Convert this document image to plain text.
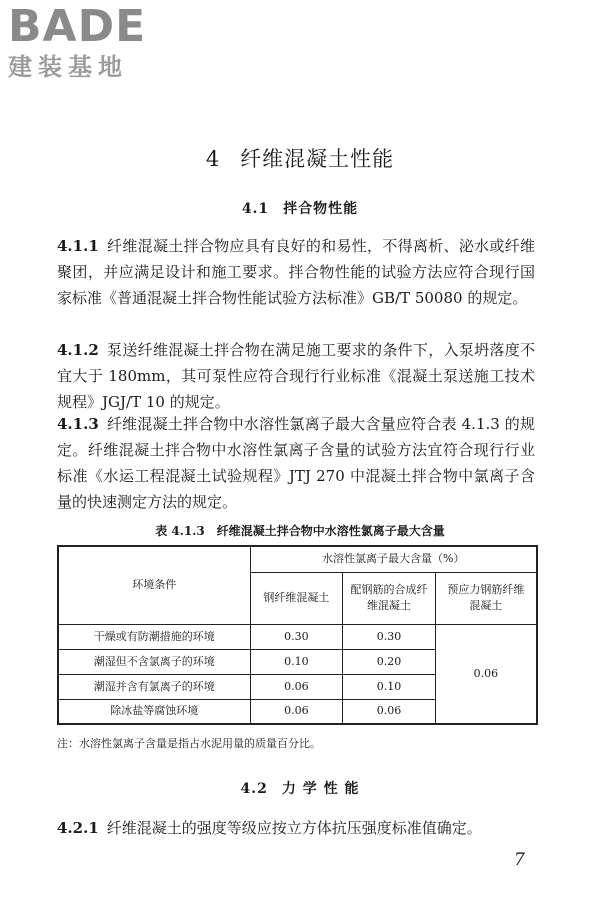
BADE
建装基地
4 纤维混凝土性能
4.1 拌合物性能

4.1.1 纤维混凝土拌合物应具有良好的和易性，不得离析、泌水或纤维聚团，并应满足设计和施工要求。拌合物性能的试验方法应符合现行国家标准《普通混凝土拌合物性能试验方法标准》GB/T 50080 的规定。

4.1.2 泵送纤维混凝土拌合物在满足施工要求的条件下，入泵坍落度不宜大于 180mm，其可泵性应符合现行行业标准《混凝土泵送施工技术规程》JGJ/T 10 的规定。

4.1.3 纤维混凝土拌合物中水溶性氯离子最大含量应符合表 4.1.3 的规定。纤维混凝土拌合物中水溶性氯离子含量的试验方法宜符合现行行业标准《水运工程混凝土试验规程》JTJ 270 中混凝土拌合物中氯离子含量的快速测定方法的规定。

表 4.1.3　纤维混凝土拌合物中水溶性氯离子最大含量
环境条件	水溶性氯离子最大含量（%）		
	钢纤维混凝土	配钢筋的合成纤维混凝土	预应力钢筋纤维混凝土
干燥或有防潮措施的环境	0.30	0.30	0.06
潮湿但不含氯离子的环境	0.10	0.20	
潮湿并含有氯离子的环境	0.06	0.10	
除冰盐等腐蚀环境	0.06	0.06	
注：水溶性氯离子含量是指占水泥用量的质量百分比。
4.2 力 学 性 能

4.2.1 纤维混凝土的强度等级应按立方体抗压强度标准值确定。

7
